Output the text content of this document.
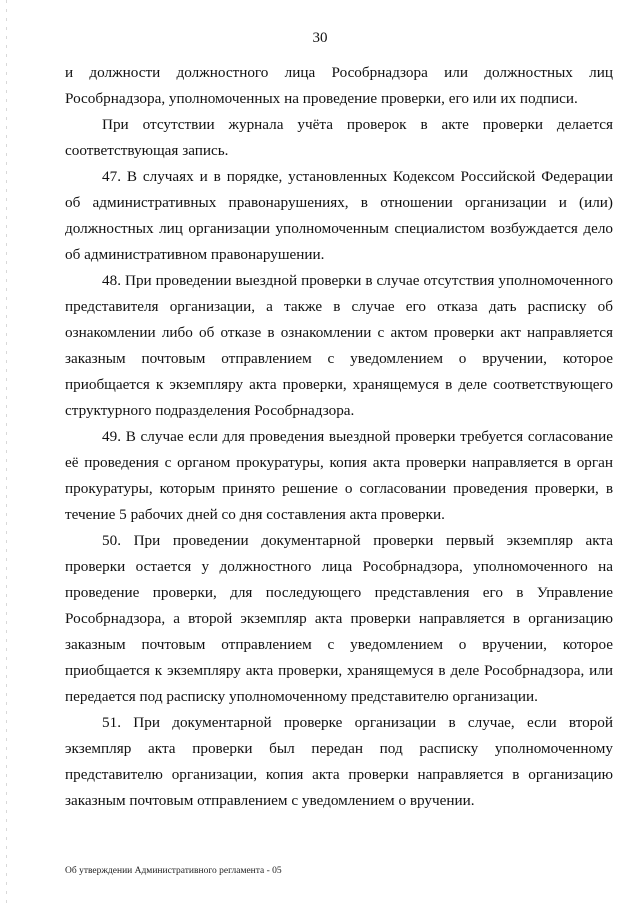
30

и должности должностного лица Рособрнадзора или должностных лиц Рособрнадзора, уполномоченных на проведение проверки, его или их подписи.

При отсутствии журнала учёта проверок в акте проверки делается соответствующая запись.

47. В случаях и в порядке, установленных Кодексом Российской Федерации об административных правонарушениях, в отношении организации и (или) должностных лиц организации уполномоченным специалистом возбуждается дело об административном правонарушении.

48. При проведении выездной проверки в случае отсутствия уполномоченного представителя организации, а также в случае его отказа дать расписку об ознакомлении либо об отказе в ознакомлении с актом проверки акт направляется заказным почтовым отправлением с уведомлением о вручении, которое приобщается к экземпляру акта проверки, хранящемуся в деле соответствующего структурного подразделения Рособрнадзора.

49. В случае если для проведения выездной проверки требуется согласование её проведения с органом прокуратуры, копия акта проверки направляется в орган прокуратуры, которым принято решение о согласовании проведения проверки, в течение 5 рабочих дней со дня составления акта проверки.

50. При проведении документарной проверки первый экземпляр акта проверки остается у должностного лица Рособрнадзора, уполномоченного на проведение проверки, для последующего представления его в Управление Рособрнадзора, а второй экземпляр акта проверки направляется в организацию заказным почтовым отправлением с уведомлением о вручении, которое приобщается к экземпляру акта проверки, хранящемуся в деле Рособрнадзора, или передается под расписку уполномоченному представителю организации.

51. При документарной проверке организации в случае, если второй экземпляр акта проверки был передан под расписку уполномоченному представителю организации, копия акта проверки направляется в организацию заказным почтовым отправлением с уведомлением о вручении.

Об утверждении Административного регламента - 05
